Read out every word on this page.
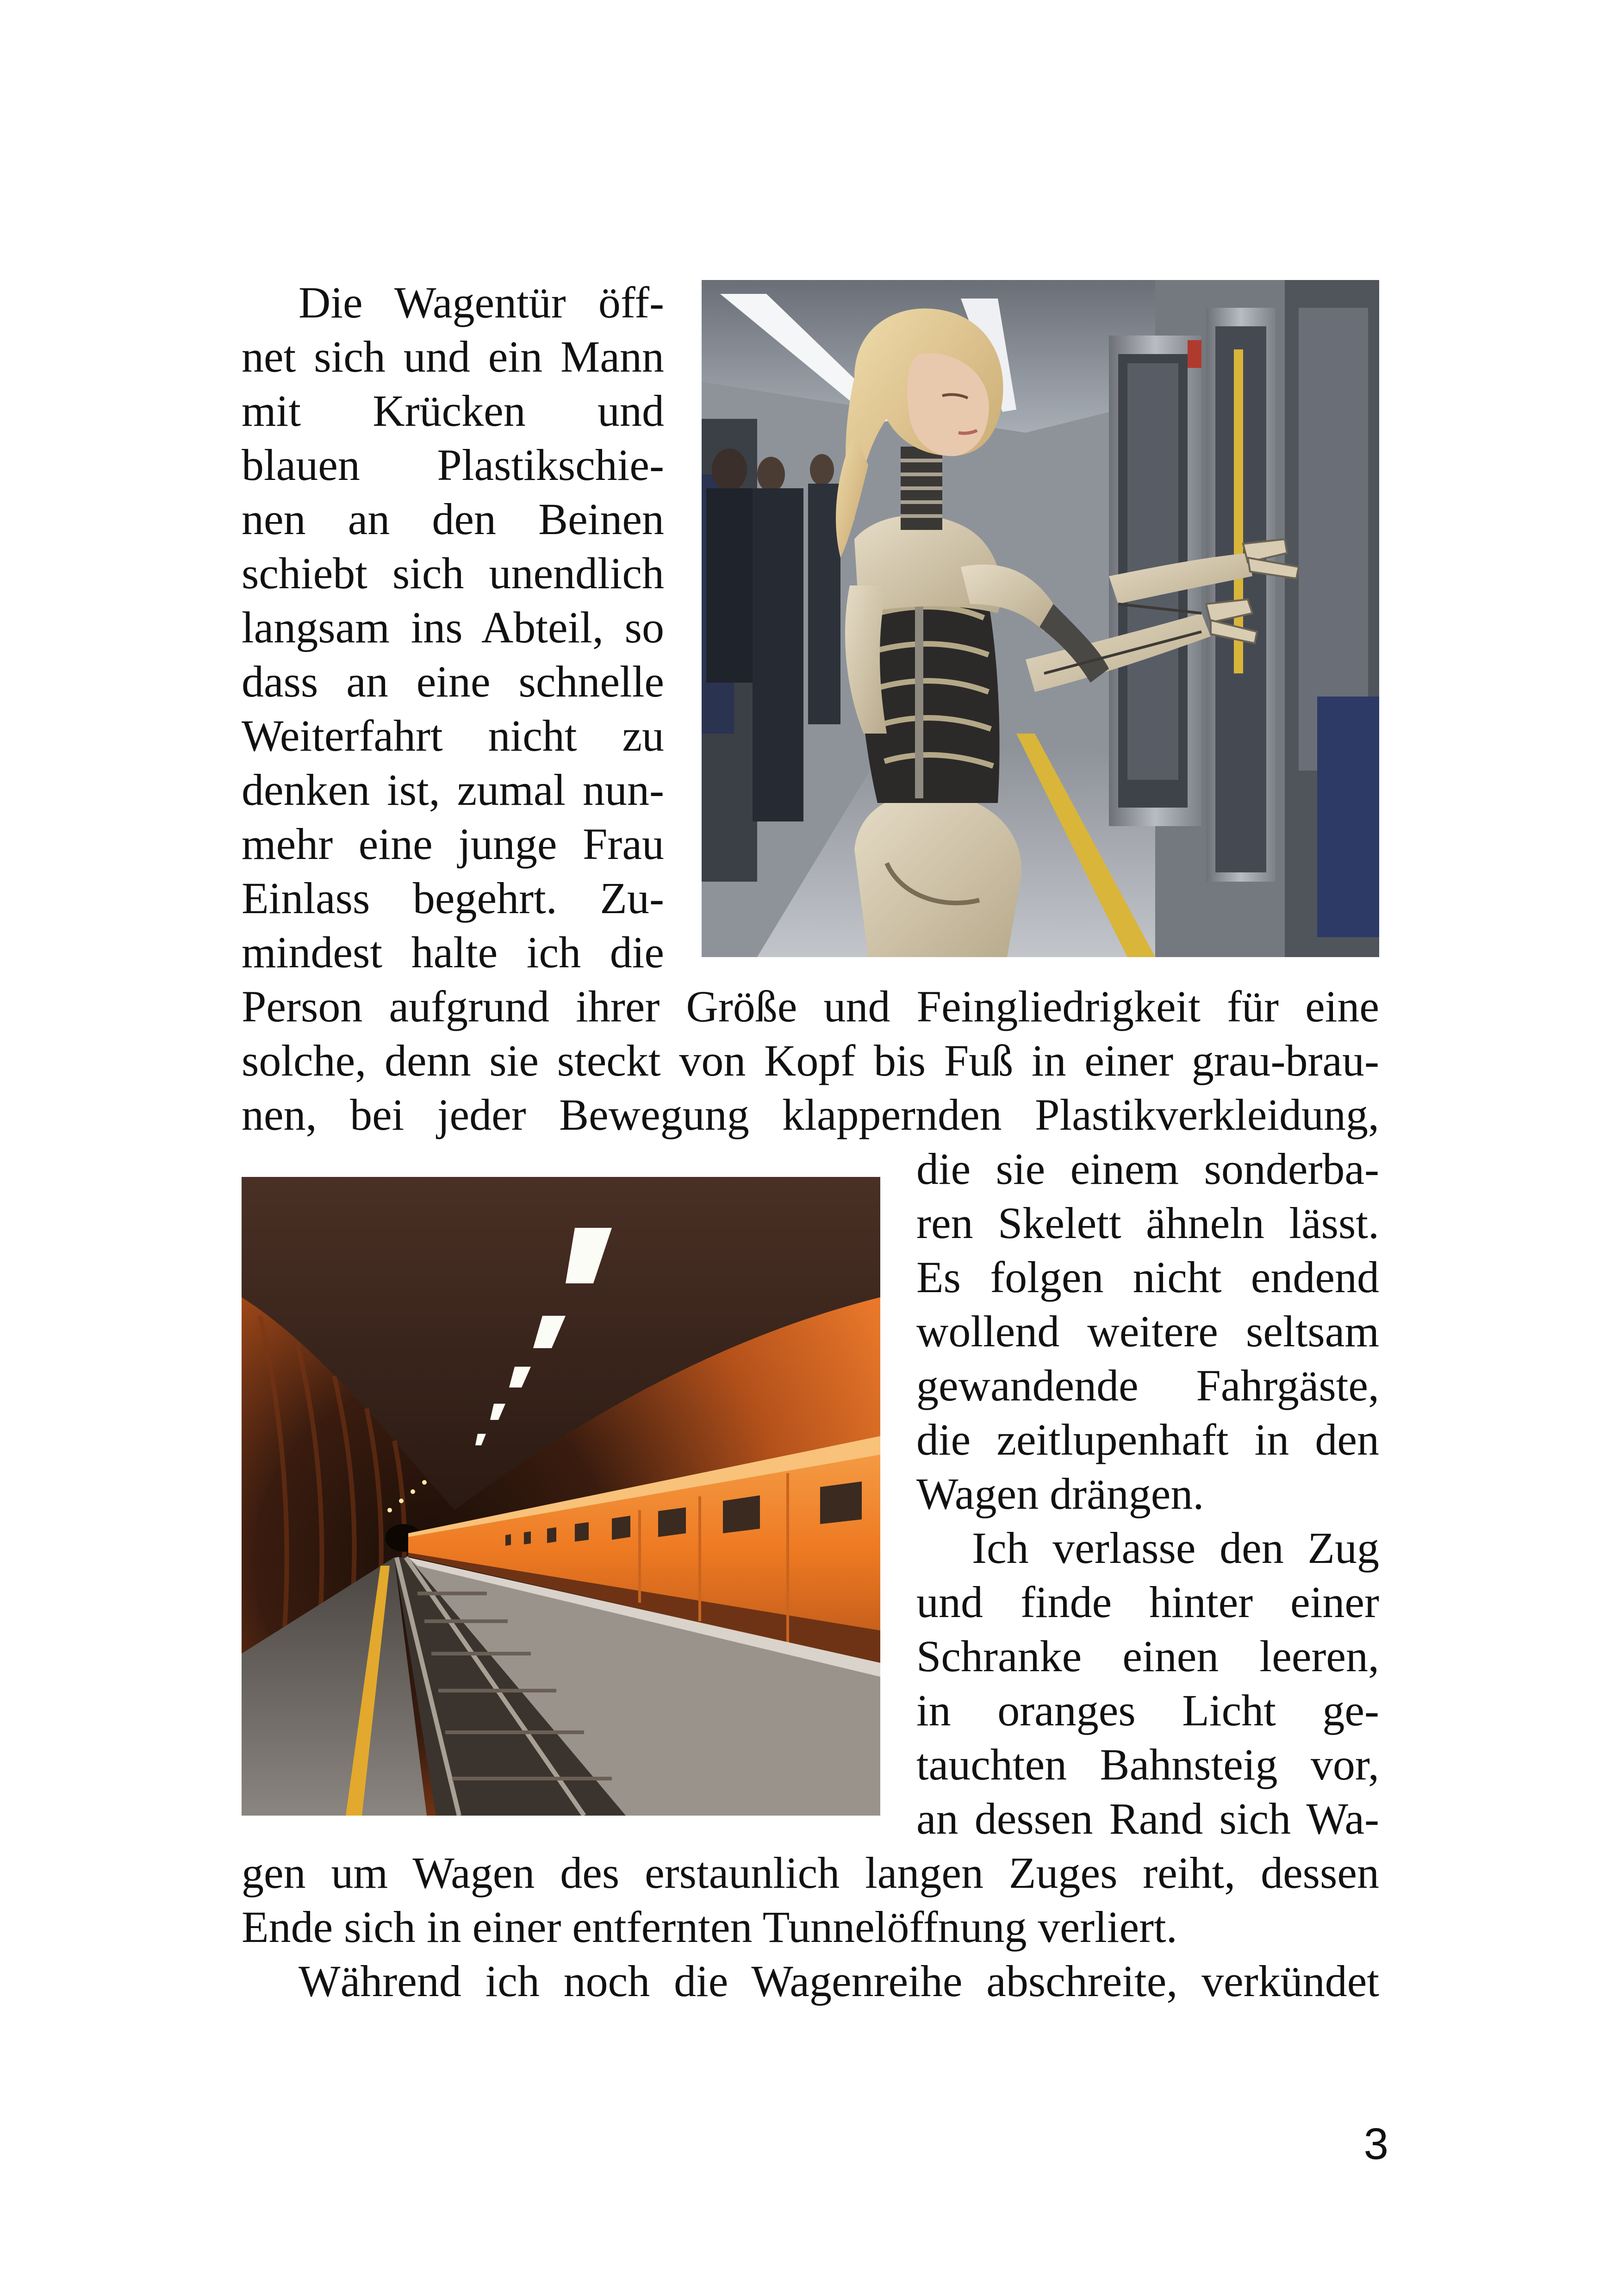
Die Wagentür öff-
net sich und ein Mann
mit Krücken und
blauen Plastikschie-
nen an den Beinen
schiebt sich unendlich
langsam ins Abteil, so
dass an eine schnelle
Weiterfahrt nicht zu
denken ist, zumal nun-
mehr eine junge Frau
Einlass begehrt. Zu-
mindest halte ich die
Person aufgrund ihrer Größe und Feingliedrigkeit für eine
solche, denn sie steckt von Kopf bis Fuß in einer grau-brau-
nen, bei jeder Bewegung klappernden Plastikverkleidung,
die sie einem sonderba-
ren Skelett ähneln lässt.
Es folgen nicht endend
wollend weitere seltsam
gewandende Fahrgäste,
die zeitlupenhaft in den
Wagen drängen.
Ich verlasse den Zug
und finde hinter einer
Schranke einen leeren,
in oranges Licht ge-
tauchten Bahnsteig vor,
an dessen Rand sich Wa-
gen um Wagen des erstaunlich langen Zuges reiht, dessen
Ende sich in einer entfernten Tunnelöffnung verliert.
Während ich noch die Wagenreihe abschreite, verkündet
3
